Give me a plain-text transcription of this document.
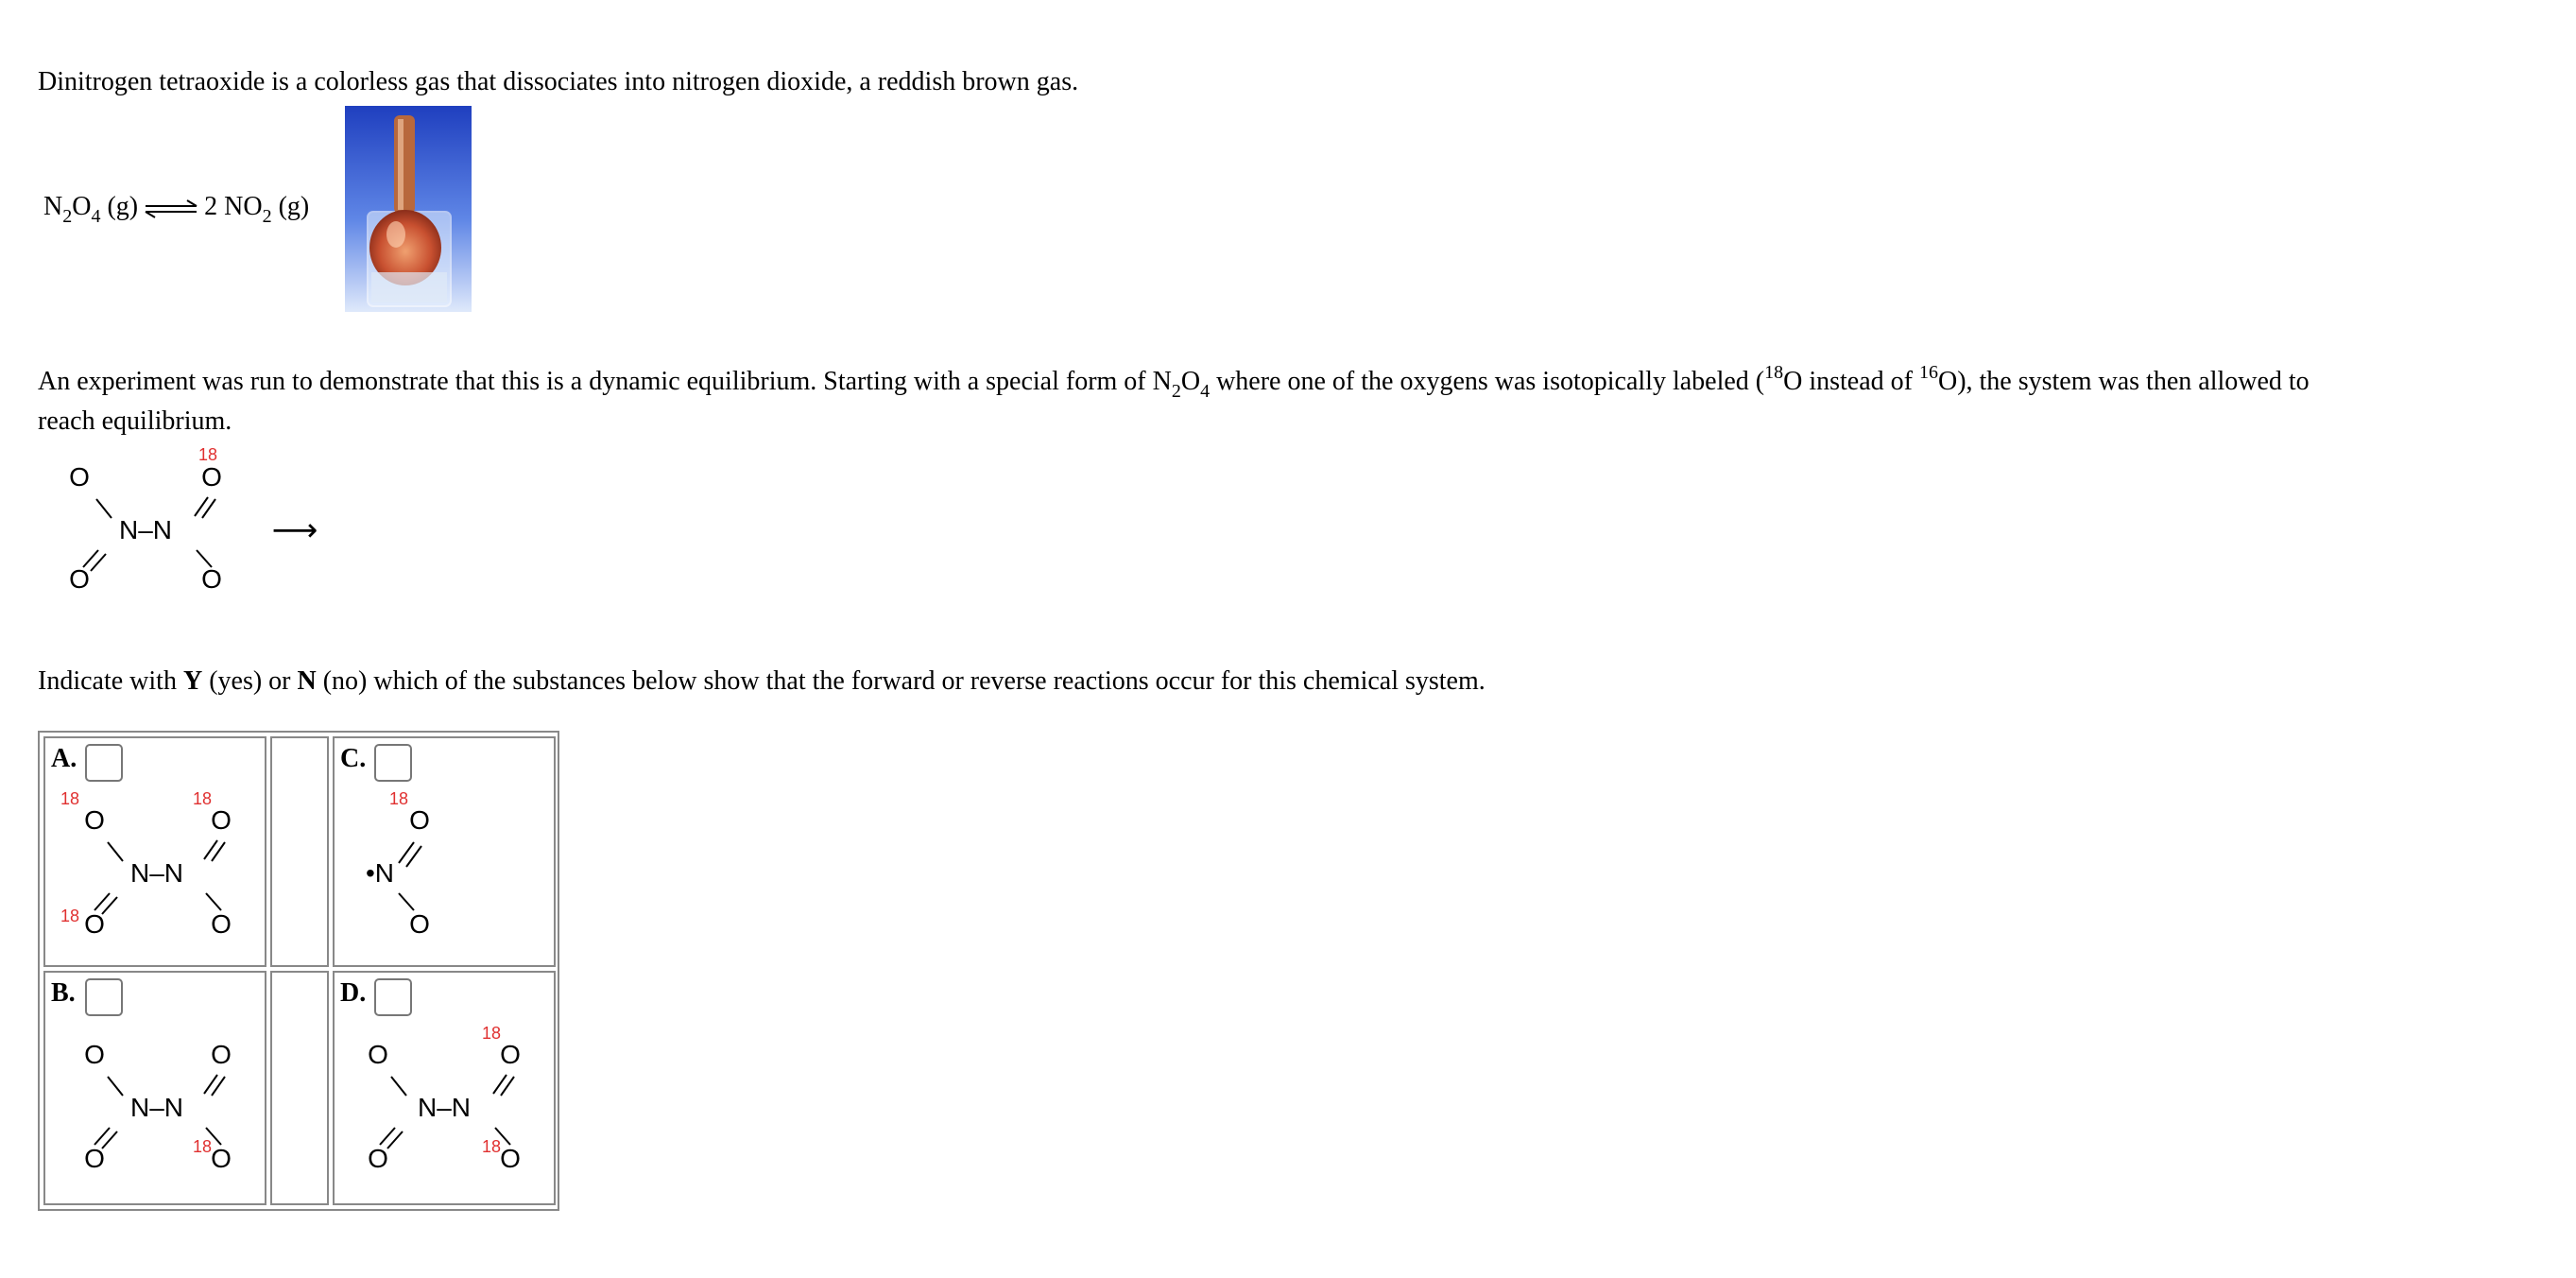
Dinitrogen tetraoxide is a colorless gas that dissociates into nitrogen dioxide, a reddish brown gas.
$N_2O_4$ (g) ⇌ 2 $NO_2$ (g)
An experiment was run to demonstrate that this is a dynamic equilibrium. Starting with a special form of $N_2O_4$ where one of the oxygens was isotopically labeled ($^{18}$O instead of $^{16}$O), the system was then allowed to
reach equilibrium.
O
18
O
N–N
O	O
⟶
Indicate with Y (yes) or N (no) which of the substances below show that the forward or reverse reactions occur for this chemical system.
A.
18
O
18
O
N–N
18 O	O
C.
18
O
•N
O
B.
O	O
N–N
18
O	O
D.
O
18
O
N–N
18
O	O
